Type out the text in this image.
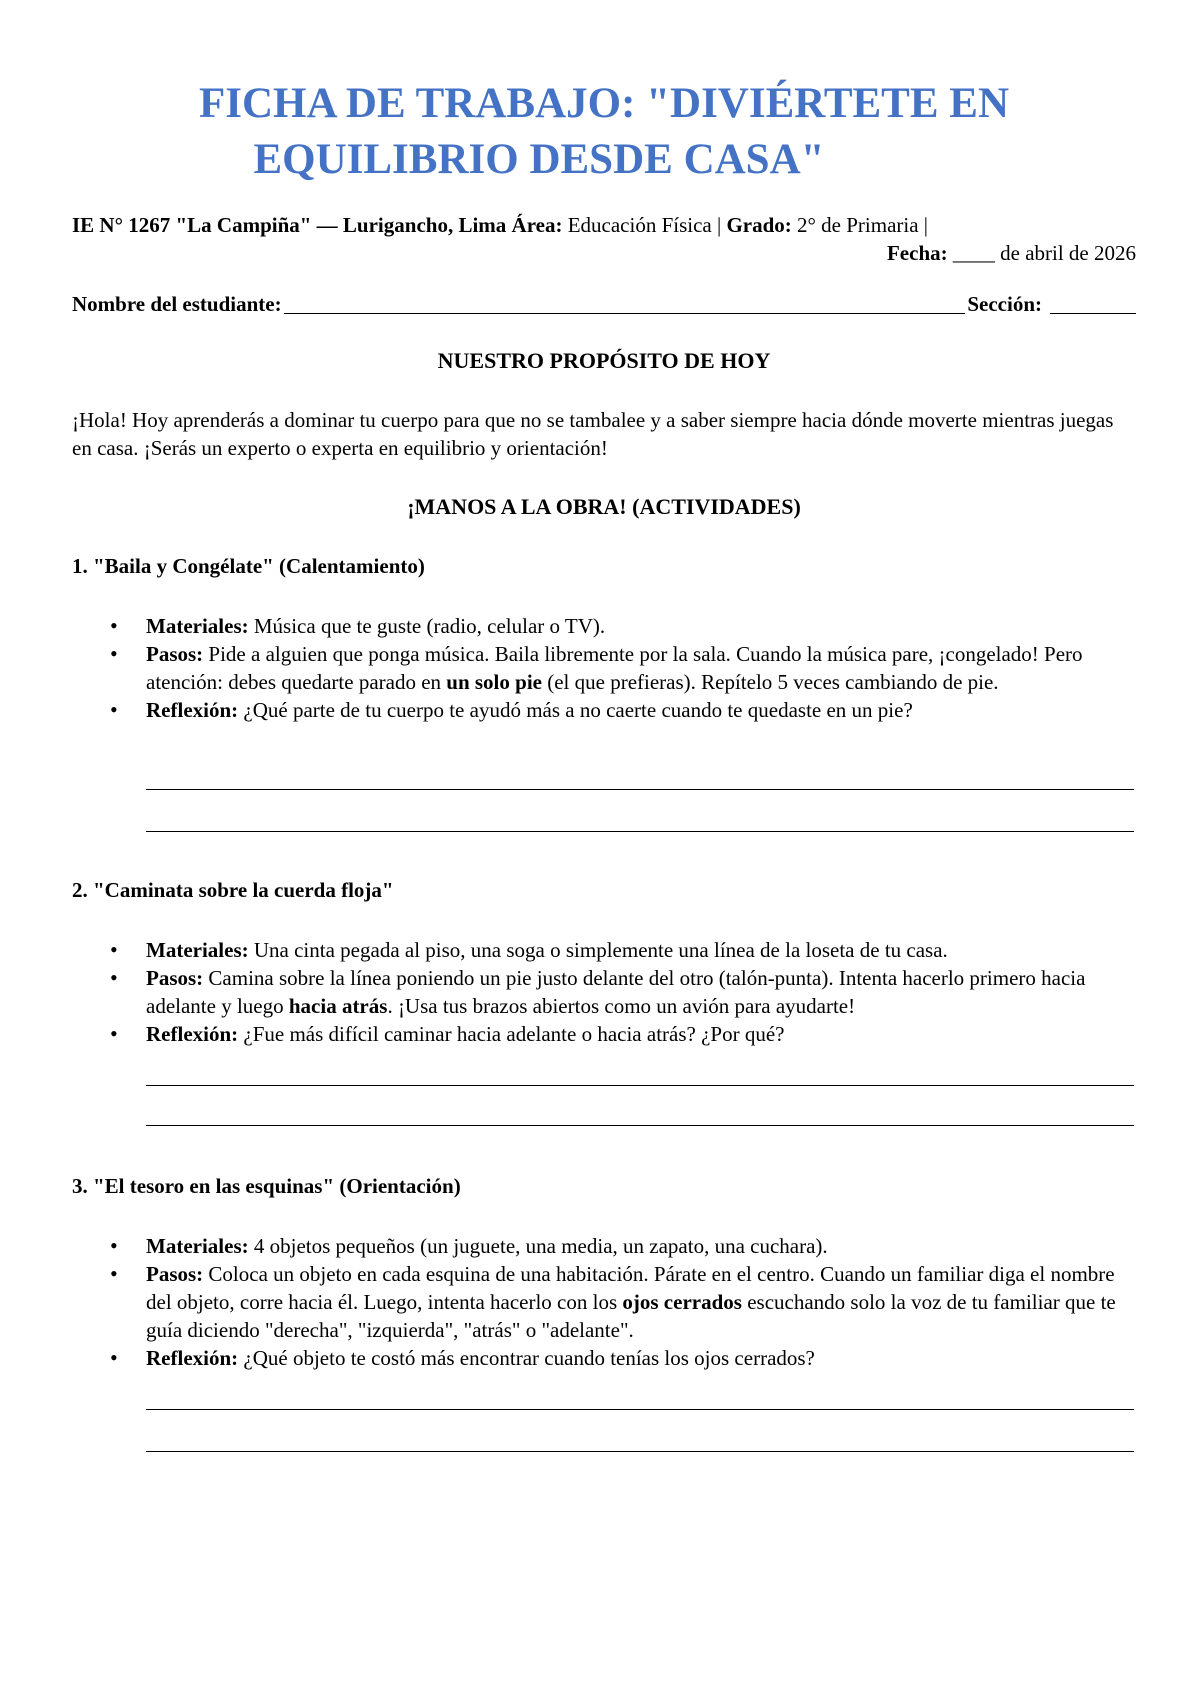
FICHA DE TRABAJO: "DIVIÉRTETE EN
EQUILIBRIO DESDE CASA"
IE N° 1267 "La Campiña" — Lurigancho, Lima Área: Educación Física | Grado: 2° de Primaria |
Fecha: ____ de abril de 2026
Nombre del estudiante:	Sección:
NUESTRO PROPÓSITO DE HOY
¡Hola! Hoy aprenderás a dominar tu cuerpo para que no se tambalee y a saber siempre hacia dónde moverte mientras juegas en casa. ¡Serás un experto o experta en equilibrio y orientación!
¡MANOS A LA OBRA! (ACTIVIDADES)
1. "Baila y Congélate" (Calentamiento)
• Materiales: Música que te guste (radio, celular o TV).
• Pasos: Pide a alguien que ponga música. Baila libremente por la sala. Cuando la música pare, ¡congelado! Pero atención: debes quedarte parado en un solo pie (el que prefieras). Repítelo 5 veces cambiando de pie.
• Reflexión: ¿Qué parte de tu cuerpo te ayudó más a no caerte cuando te quedaste en un pie?
2. "Caminata sobre la cuerda floja"
• Materiales: Una cinta pegada al piso, una soga o simplemente una línea de la loseta de tu casa.
• Pasos: Camina sobre la línea poniendo un pie justo delante del otro (talón-punta). Intenta hacerlo primero hacia adelante y luego hacia atrás. ¡Usa tus brazos abiertos como un avión para ayudarte!
• Reflexión: ¿Fue más difícil caminar hacia adelante o hacia atrás? ¿Por qué?
3. "El tesoro en las esquinas" (Orientación)
• Materiales: 4 objetos pequeños (un juguete, una media, un zapato, una cuchara).
• Pasos: Coloca un objeto en cada esquina de una habitación. Párate en el centro. Cuando un familiar diga el nombre del objeto, corre hacia él. Luego, intenta hacerlo con los ojos cerrados escuchando solo la voz de tu familiar que te guía diciendo "derecha", "izquierda", "atrás" o "adelante".
• Reflexión: ¿Qué objeto te costó más encontrar cuando tenías los ojos cerrados?
